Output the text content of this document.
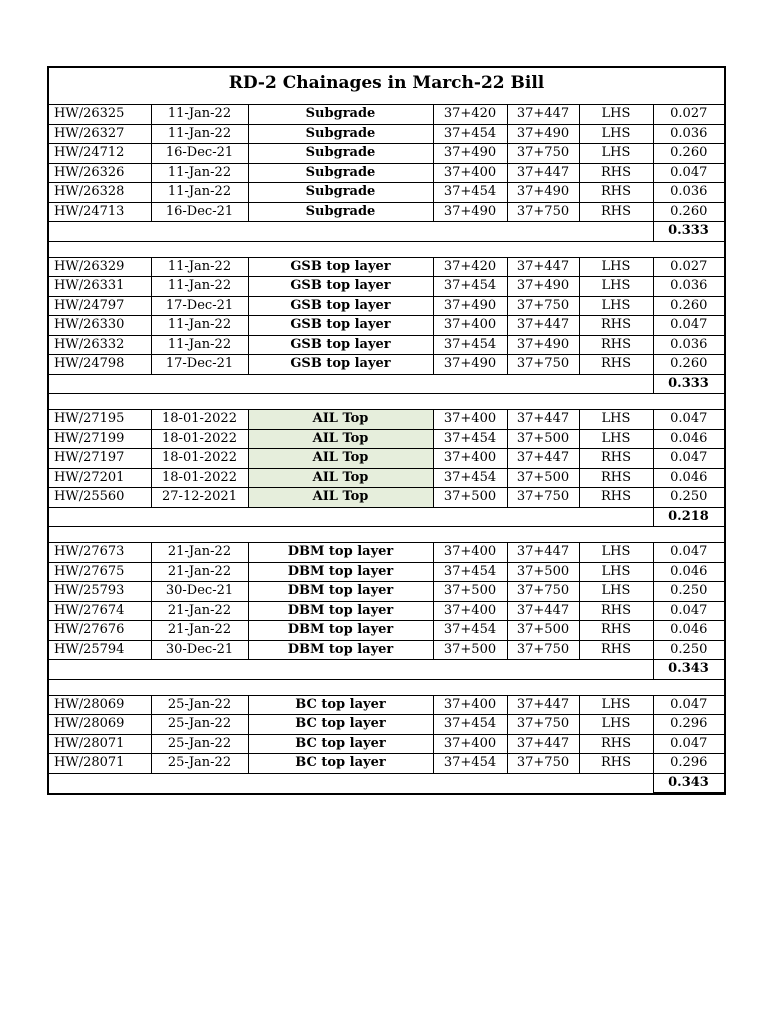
RD-2 Chainages in March-22 Bill
HW/26325	11-Jan-22	Subgrade	37+420	37+447	LHS	0.027
HW/26327	11-Jan-22	Subgrade	37+454	37+490	LHS	0.036
HW/24712	16-Dec-21	Subgrade	37+490	37+750	LHS	0.260
HW/26326	11-Jan-22	Subgrade	37+400	37+447	RHS	0.047
HW/26328	11-Jan-22	Subgrade	37+454	37+490	RHS	0.036
HW/24713	16-Dec-21	Subgrade	37+490	37+750	RHS	0.260
						0.333

HW/26329	11-Jan-22	GSB top layer	37+420	37+447	LHS	0.027
HW/26331	11-Jan-22	GSB top layer	37+454	37+490	LHS	0.036
HW/24797	17-Dec-21	GSB top layer	37+490	37+750	LHS	0.260
HW/26330	11-Jan-22	GSB top layer	37+400	37+447	RHS	0.047
HW/26332	11-Jan-22	GSB top layer	37+454	37+490	RHS	0.036
HW/24798	17-Dec-21	GSB top layer	37+490	37+750	RHS	0.260
						0.333

HW/27195	18-01-2022	AIL Top	37+400	37+447	LHS	0.047
HW/27199	18-01-2022	AIL Top	37+454	37+500	LHS	0.046
HW/27197	18-01-2022	AIL Top	37+400	37+447	RHS	0.047
HW/27201	18-01-2022	AIL Top	37+454	37+500	RHS	0.046
HW/25560	27-12-2021	AIL Top	37+500	37+750	RHS	0.250
						0.218

HW/27673	21-Jan-22	DBM top layer	37+400	37+447	LHS	0.047
HW/27675	21-Jan-22	DBM top layer	37+454	37+500	LHS	0.046
HW/25793	30-Dec-21	DBM top layer	37+500	37+750	LHS	0.250
HW/27674	21-Jan-22	DBM top layer	37+400	37+447	RHS	0.047
HW/27676	21-Jan-22	DBM top layer	37+454	37+500	RHS	0.046
HW/25794	30-Dec-21	DBM top layer	37+500	37+750	RHS	0.250
						0.343

HW/28069	25-Jan-22	BC top layer	37+400	37+447	LHS	0.047
HW/28069	25-Jan-22	BC top layer	37+454	37+750	LHS	0.296
HW/28071	25-Jan-22	BC top layer	37+400	37+447	RHS	0.047
HW/28071	25-Jan-22	BC top layer	37+454	37+750	RHS	0.296
						0.343
